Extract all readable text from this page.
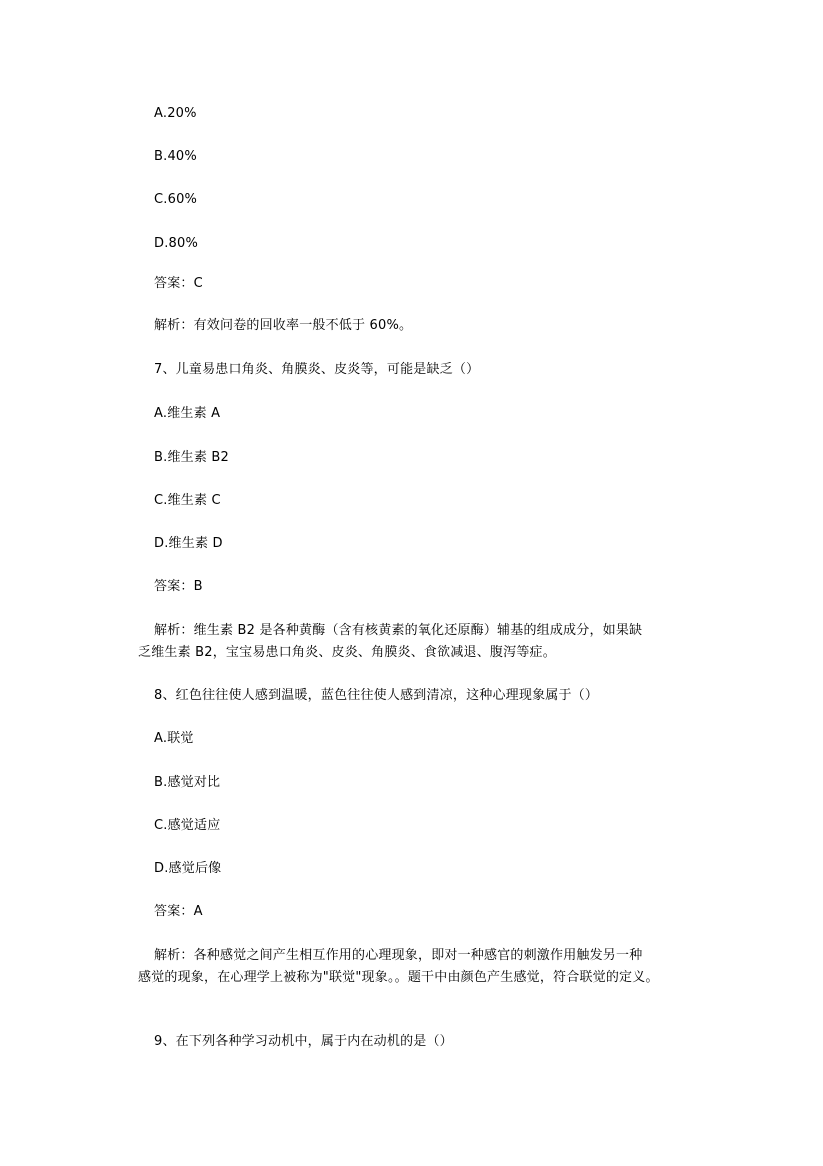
A.20%
B.40%
C.60%
D.80%
答案：C
解析：有效问卷的回收率一般不低于 60%。
7、儿童易患口角炎、角膜炎、皮炎等，可能是缺乏（）
A.维生素 A
B.维生素 B2
C.维生素 C
D.维生素 D
答案：B
解析：维生素 B2 是各种黄酶（含有核黄素的氧化还原酶）辅基的组成成分，如果缺
乏维生素 B2，宝宝易患口角炎、皮炎、角膜炎、食欲减退、腹泻等症。
8、红色往往使人感到温暖，蓝色往往使人感到清凉，这种心理现象属于（）
A.联觉
B.感觉对比
C.感觉适应
D.感觉后像
答案：A
解析：各种感觉之间产生相互作用的心理现象，即对一种感官的刺激作用触发另一种
感觉的现象，在心理学上被称为"联觉"现象。。题干中由颜色产生感觉，符合联觉的定义。
9、在下列各种学习动机中，属于内在动机的是（）
